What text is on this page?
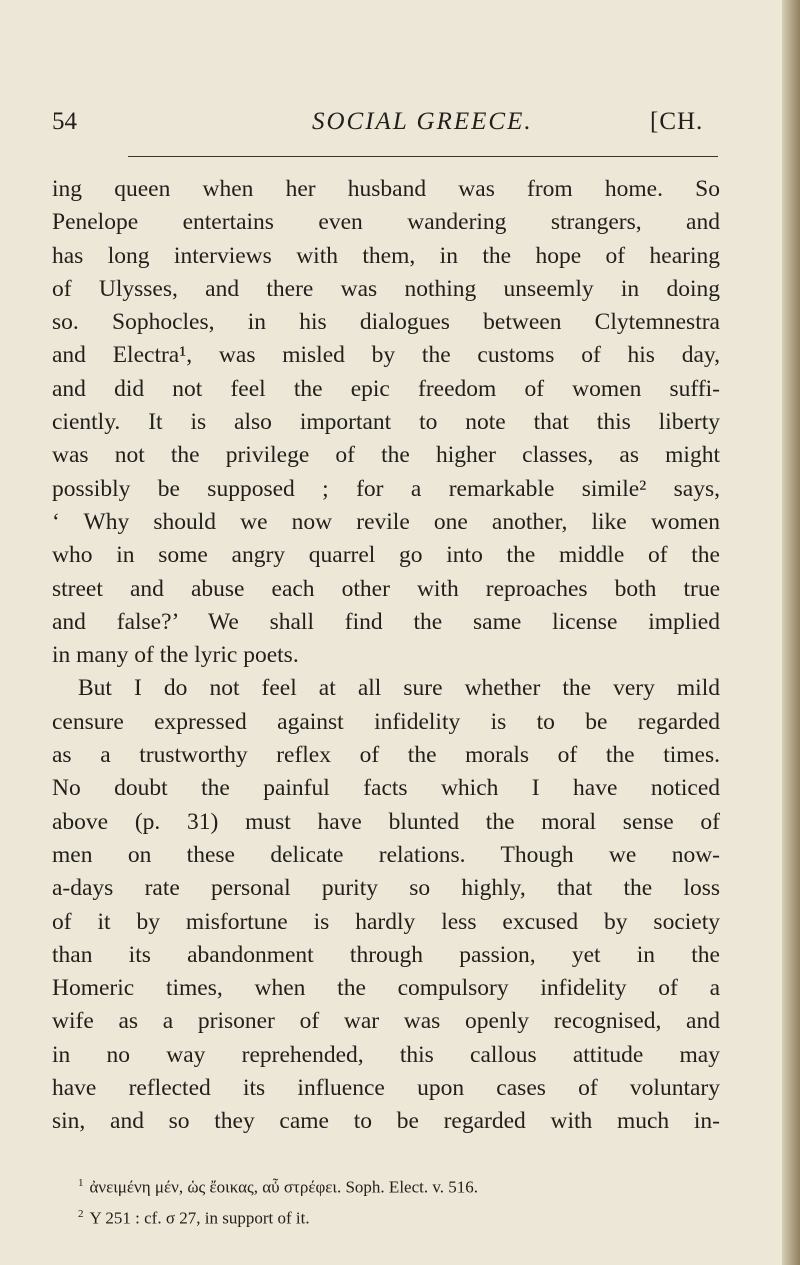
54	SOCIAL GREECE.	[CH.
ing queen when her husband was from home. So
Penelope entertains even wandering strangers, and
has long interviews with them, in the hope of hearing
of Ulysses, and there was nothing unseemly in doing
so. Sophocles, in his dialogues between Clytemnestra
and Electra¹, was misled by the customs of his day,
and did not feel the epic freedom of women suffi-
ciently. It is also important to note that this liberty
was not the privilege of the higher classes, as might
possibly be supposed ; for a remarkable simile² says,
‘ Why should we now revile one another, like women
who in some angry quarrel go into the middle of the
street and abuse each other with reproaches both true
and false?’ We shall find the same license implied
in many of the lyric poets.
But I do not feel at all sure whether the very mild
censure expressed against infidelity is to be regarded
as a trustworthy reflex of the morals of the times.
No doubt the painful facts which I have noticed
above (p. 31) must have blunted the moral sense of
men on these delicate relations. Though we now-
a-days rate personal purity so highly, that the loss
of it by misfortune is hardly less excused by society
than its abandonment through passion, yet in the
Homeric times, when the compulsory infidelity of a
wife as a prisoner of war was openly recognised, and
in no way reprehended, this callous attitude may
have reflected its influence upon cases of voluntary
sin, and so they came to be regarded with much in-
$^1$ ἀνειμένη μέν, ὡς ἔοικας, αὖ στρέφει. Soph. Elect. v. 516.
$^2$ Υ 251 : cf. σ 27, in support of it.
